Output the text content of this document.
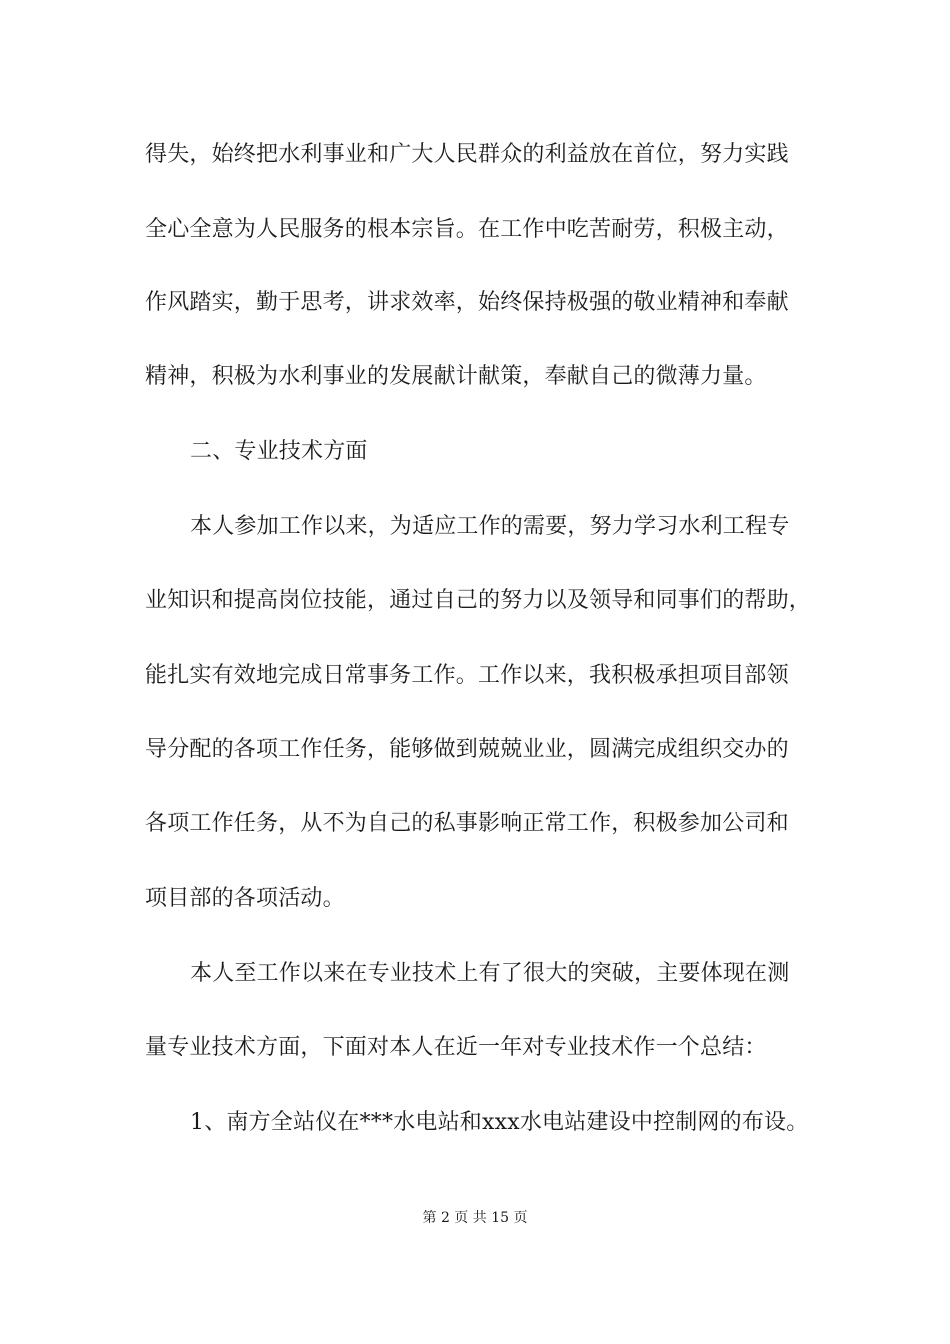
得失，始终把水利事业和广大人民群众的利益放在首位，努力实践
全心全意为人民服务的根本宗旨。在工作中吃苦耐劳，积极主动，
作风踏实，勤于思考，讲求效率，始终保持极强的敬业精神和奉献
精神，积极为水利事业的发展献计献策，奉献自己的微薄力量。
二、专业技术方面
本人参加工作以来，为适应工作的需要，努力学习水利工程专
业知识和提高岗位技能，通过自己的努力以及领导和同事们的帮助，
能扎实有效地完成日常事务工作。工作以来，我积极承担项目部领
导分配的各项工作任务，能够做到兢兢业业，圆满完成组织交办的
各项工作任务，从不为自己的私事影响正常工作，积极参加公司和
项目部的各项活动。
本人至工作以来在专业技术上有了很大的突破，主要体现在测
量专业技术方面，下面对本人在近一年对专业技术作一个总结：
1、南方全站仪在***水电站和xxx水电站建设中控制网的布设。
第 2 页 共 15 页
